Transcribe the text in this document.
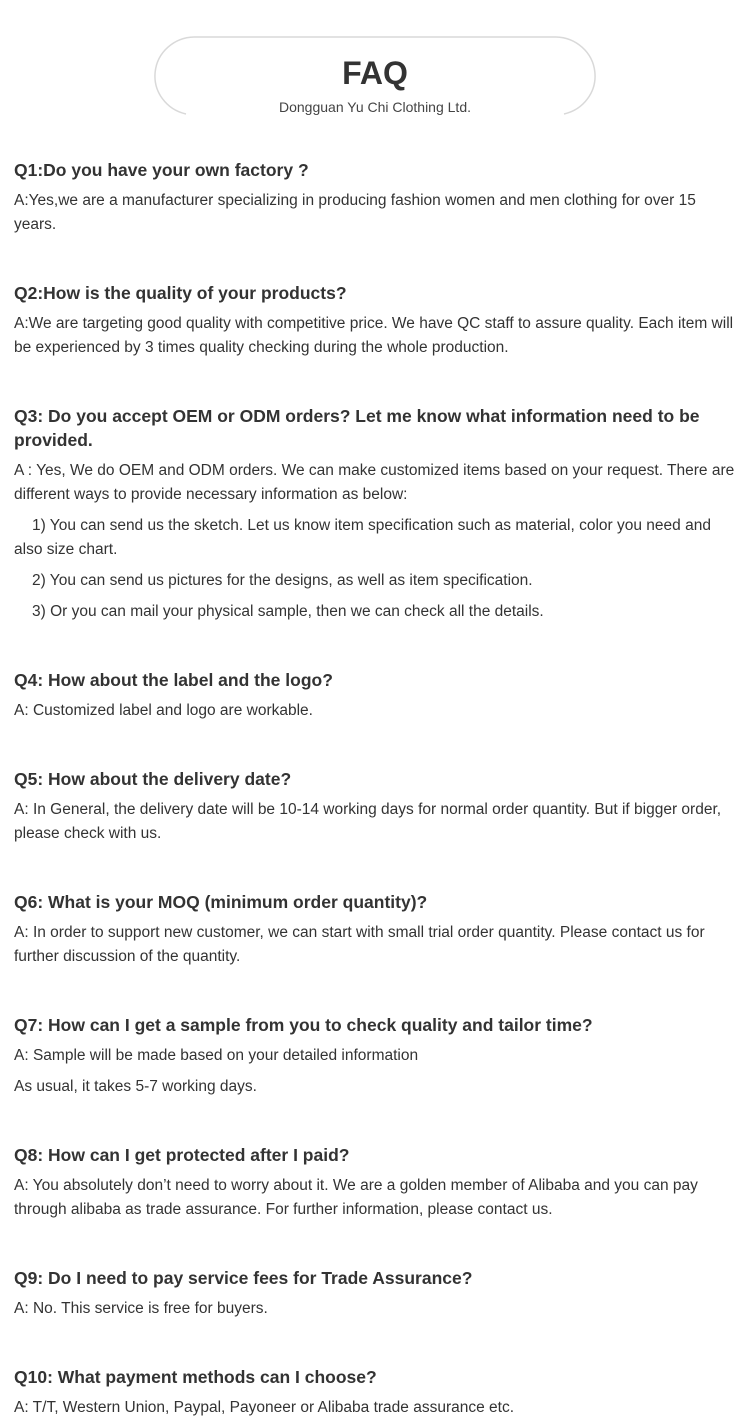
FAQ
Dongguan Yu Chi Clothing Ltd.

Q1:Do you have your own factory ?

A:Yes,we are a manufacturer specializing in producing fashion women and men clothing for over 15 years.

Q2:How is the quality of your products?

A:We are targeting good quality with competitive price. We have QC staff to assure quality. Each item will be experienced by 3 times quality checking during the whole production.

Q3: Do you accept OEM or ODM orders? Let me know what information need to be provided.

A : Yes, We do OEM and ODM orders. We can make customized items based on your request. There are different ways to provide necessary information as below:

1) You can send us the sketch. Let us know item specification such as material, color you need and also size chart.

2) You can send us pictures for the designs, as well as item specification.

3) Or you can mail your physical sample, then we can check all the details.

Q4: How about the label and the logo?

A: Customized label and logo are workable.

Q5: How about the delivery date?

A: In General, the delivery date will be 10-14 working days for normal order quantity. But if bigger order, please check with us.

Q6: What is your MOQ (minimum order quantity)?

A: In order to support new customer, we can start with small trial order quantity. Please contact us for further discussion of the quantity.

Q7: How can I get a sample from you to check quality and tailor time?

A: Sample will be made based on your detailed information

As usual, it takes 5-7 working days.

Q8: How can I get protected after I paid?

A: You absolutely don’t need to worry about it. We are a golden member of Alibaba and you can pay through alibaba as trade assurance. For further information, please contact us.

Q9: Do I need to pay service fees for Trade Assurance?

A: No. This service is free for buyers.

Q10: What payment methods can I choose?

A: T/T, Western Union, Paypal, Payoneer or Alibaba trade assurance etc.
